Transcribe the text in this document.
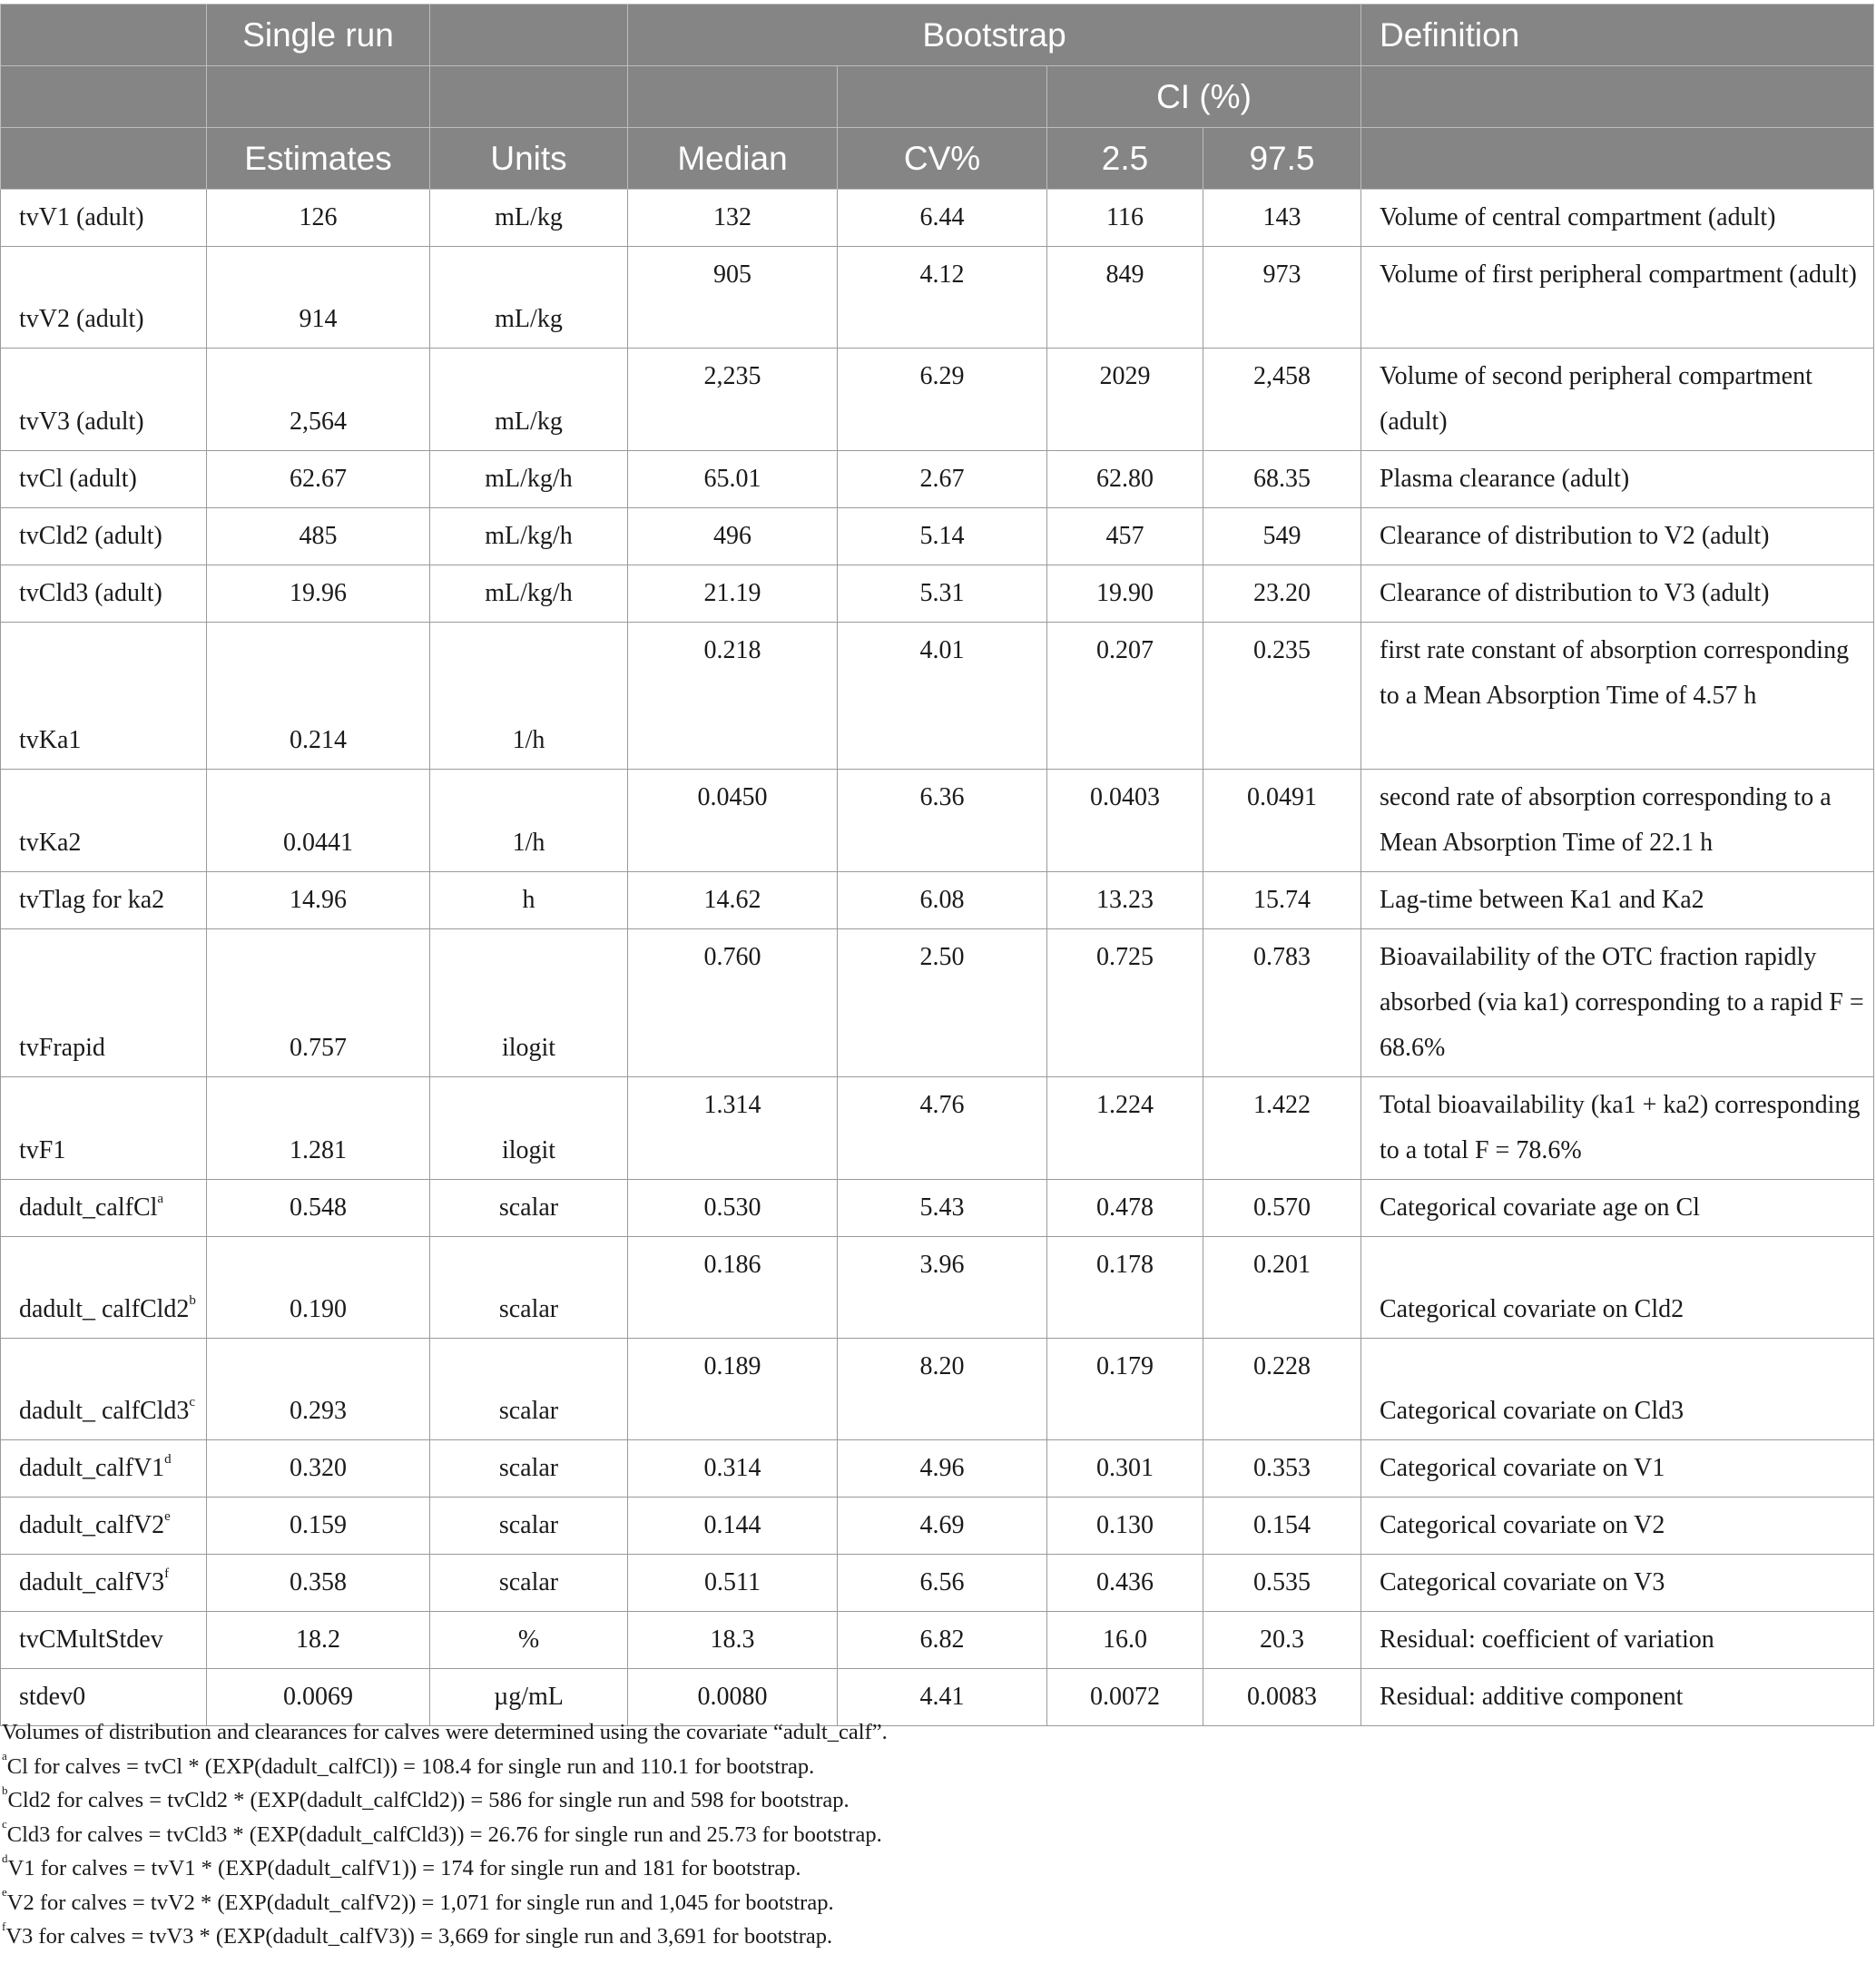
	Single run		Bootstrap				Definition
					CI (%)		
	Estimates	Units	Median	CV%	2.5	97.5	

tvV1 (adult)	126	mL/kg	132	6.44	116	143	Volume of central compartment (adult)

tvV2 (adult)	914	mL/kg	905	4.12	849	973	Volume of first peripheral compartment (adult)

tvV3 (adult)	2,564	mL/kg	2,235	6.29	2029	2,458	Volume of second peripheral compartment (adult)

tvCl (adult)	62.67	mL/kg/h	65.01	2.67	62.80	68.35	Plasma clearance (adult)

tvCld2 (adult)	485	mL/kg/h	496	5.14	457	549	Clearance of distribution to V2 (adult)

tvCld3 (adult)	19.96	mL/kg/h	21.19	5.31	19.90	23.20	Clearance of distribution to V3 (adult)

tvKa1	0.214	1/h	0.218	4.01	0.207	0.235	first rate constant of absorption corresponding to a Mean Absorption Time of 4.57 h

tvKa2	0.0441	1/h	0.0450	6.36	0.0403	0.0491	second rate of absorption corresponding to a Mean Absorption Time of 22.1 h

tvTlag for ka2	14.96	h	14.62	6.08	13.23	15.74	Lag-time between Ka1 and Ka2

tvFrapid	0.757	ilogit	0.760	2.50	0.725	0.783	Bioavailability of the OTC fraction rapidly absorbed (via ka1) corresponding to a rapid F = 68.6%

tvF1	1.281	ilogit	1.314	4.76	1.224	1.422	Total bioavailability (ka1 + ka2) corresponding to a total F = 78.6%

dadult_calfCl$^a$	0.548	scalar	0.530	5.43	0.478	0.570	Categorical covariate age on Cl

dadult_ calfCld2$^b$	0.190	scalar	0.186	3.96	0.178	0.201	Categorical covariate on Cld2

dadult_ calfCld3$^c$	0.293	scalar	0.189	8.20	0.179	0.228	Categorical covariate on Cld3

dadult_calfV1$^d$	0.320	scalar	0.314	4.96	0.301	0.353	Categorical covariate on V1

dadult_calfV2e	0.159	scalar	0.144	4.69	0.130	0.154	Categorical covariate on V2

dadult_calfV3$^f$	0.358	scalar	0.511	6.56	0.436	0.535	Categorical covariate on V3

tvCMultStdev	18.2	%	18.3	6.82	16.0	20.3	Residual: coefficient of variation

stdev0	0.0069	µg/mL	0.0080	4.41	0.0072	0.0083	Residual: additive component
Volumes of distribution and clearances for calves were determined using the covariate “adult_calf”.
$^a$Cl for calves = tvCl * (EXP(dadult_calfCl)) = 108.4 for single run and 110.1 for bootstrap.
$^b$Cld2 for calves = tvCld2 * (EXP(dadult_calfCld2)) = 586 for single run and 598 for bootstrap.
$^c$Cld3 for calves = tvCld3 * (EXP(dadult_calfCld3)) = 26.76 for single run and 25.73 for bootstrap.
$^d$V1 for calves = tvV1 * (EXP(dadult_calfV1)) = 174 for single run and 181 for bootstrap.
$^e$V2 for calves = tvV2 * (EXP(dadult_calfV2)) = 1,071 for single run and 1,045 for bootstrap.
$^f$V3 for calves = tvV3 * (EXP(dadult_calfV3)) = 3,669 for single run and 3,691 for bootstrap.
